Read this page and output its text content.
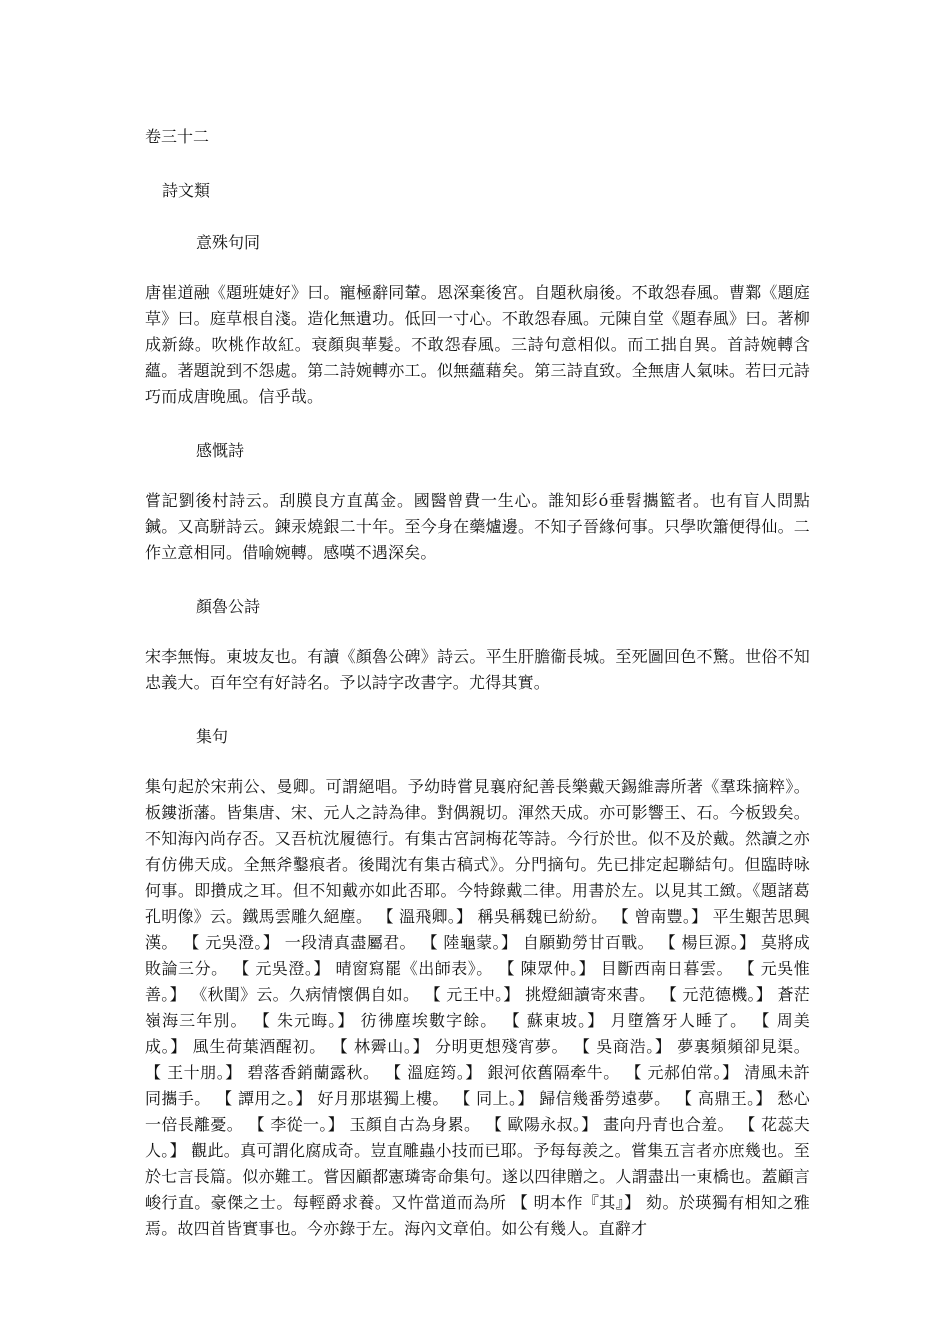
卷三十二
詩文類
意殊句同

唐崔道融《題班婕好》曰。寵極辭同輦。恩深棄後宮。自題秋扇後。不敢怨春風。曹鄴《題庭草》曰。庭草根自淺。造化無遺功。低回一寸心。不敢怨春風。元陳自堂《題春風》曰。著柳成新綠。吹桃作故紅。衰顏與華髮。不敢怨春風。三詩句意相似。而工拙自異。首詩婉轉含蘊。著題說到不怨處。第二詩婉轉亦工。似無蘊藉矣。第三詩直致。全無唐人氣味。若曰元詩巧而成唐晚風。信乎哉。

感慨詩

嘗記劉後村詩云。刮膜良方直萬金。國醫曾費一生心。誰知髟ó垂髫攜籃者。也有盲人問點鍼。又高駢詩云。鍊汞燒銀二十年。至今身在藥爐邊。不知子晉緣何事。只學吹簫便得仙。二作立意相同。借喻婉轉。感嘆不遇深矣。

顏魯公詩

宋李無悔。東坡友也。有讀《顏魯公碑》詩云。平生肝膽衞長城。至死圖回色不驚。世俗不知忠義大。百年空有好詩名。予以詩字改書字。尤得其實。

集句

集句起於宋荊公、曼卿。可謂絕唱。予幼時嘗見襄府紀善長樂戴天錫維壽所著《羣珠摘粹》。板鏤浙藩。皆集唐、宋、元人之詩為律。對偶親切。渾然天成。亦可影響王、石。今板毀矣。不知海內尚存否。又吾杭沈履德行。有集古宮詞梅花等詩。今行於世。似不及於戴。然讀之亦有仿佛天成。全無斧鑿痕者。後聞沈有集古稿式》。分門摘句。先已排定起聯結句。但臨時咏何事。即攢成之耳。但不知戴亦如此否耶。今特錄戴二律。用書於左。以見其工緻。《題諸葛孔明像》云。鐵馬雲雕久絕塵。 【 溫飛卿。】 稱吳稱魏已紛紛。 【 曾南豐。】 平生艱苦思興漢。 【 元吳澄。】 一段清真盡屬君。 【 陸龜蒙。】 自願勤勞甘百戰。 【 楊巨源。】 莫將成敗論三分。 【 元吳澄。】 晴窗寫罷《出師表》。 【 陳眾仲。】 目斷西南日暮雲。 【 元吳惟善。】 《秋閨》云。久病情懷偶自如。 【 元王中。】 挑燈細讀寄來書。 【 元范德機。】 蒼茫嶺海三年別。 【 朱元晦。】 彷彿塵埃數字餘。 【 蘇東坡。】 月墮簷牙人睡了。 【 周美成。】 風生荷葉酒醒初。 【 林霽山。】 分明更想殘宵夢。 【 吳商浩。】 夢裏頻頻卻見渠。 【 王十朋。】 碧落香銷蘭露秋。 【 溫庭筠。】 銀河依舊隔牽牛。 【 元郝伯常。】 清風未許同攜手。 【 譚用之。】 好月那堪獨上樓。 【 同上。】 歸信幾番勞遠夢。 【 高鼎王。】 愁心一倍長離憂。 【 李從一。】 玉顏自古為身累。 【 歐陽永叔。】 畫向丹青也合羞。 【 花蕊夫人。】 觀此。真可謂化腐成奇。豈直雕蟲小技而已耶。予每每羨之。嘗集五言者亦庶幾也。至於七言長篇。似亦難工。嘗因顧都憲璘寄命集句。遂以四律贈之。人謂盡出一東橋也。蓋顧言峻行直。豪傑之士。每輕爵求養。又忤當道而為所 【 明本作『其』】 劾。於瑛獨有相知之雅焉。故四首皆實事也。今亦錄于左。海內文章伯。如公有幾人。直辭才
